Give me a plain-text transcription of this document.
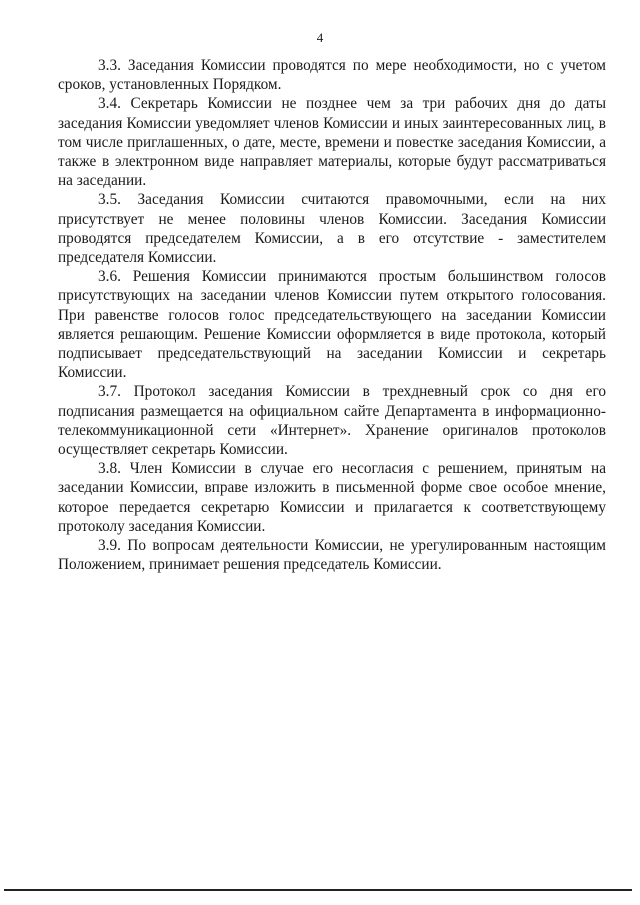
4

3.3. Заседания Комиссии проводятся по мере необходимости, но с учетом сроков, установленных Порядком.

3.4. Секретарь Комиссии не позднее чем за три рабочих дня до даты заседания Комиссии уведомляет членов Комиссии и иных заинтересованных лиц, в том числе приглашенных, о дате, месте, времени и повестке заседания Комиссии, а также в электронном виде направляет материалы, которые будут рассматриваться на заседании.

3.5. Заседания Комиссии считаются правомочными, если на них присутствует не менее половины членов Комиссии. Заседания Комиссии проводятся председателем Комиссии, а в его отсутствие - заместителем председателя Комиссии.

3.6. Решения Комиссии принимаются простым большинством голосов присутствующих на заседании членов Комиссии путем открытого голосования. При равенстве голосов голос председательствующего на заседании Комиссии является решающим. Решение Комиссии оформляется в виде протокола, который подписывает председательствующий на заседании Комиссии и секретарь Комиссии.

3.7. Протокол заседания Комиссии в трехдневный срок со дня его подписания размещается на официальном сайте Департамента в информационно-телекоммуникационной сети «Интернет». Хранение оригиналов протоколов осуществляет секретарь Комиссии.

3.8. Член Комиссии в случае его несогласия с решением, принятым на заседании Комиссии, вправе изложить в письменной форме свое особое мнение, которое передается секретарю Комиссии и прилагается к соответствующему протоколу заседания Комиссии.

3.9. По вопросам деятельности Комиссии, не урегулированным настоящим Положением, принимает решения председатель Комиссии.
